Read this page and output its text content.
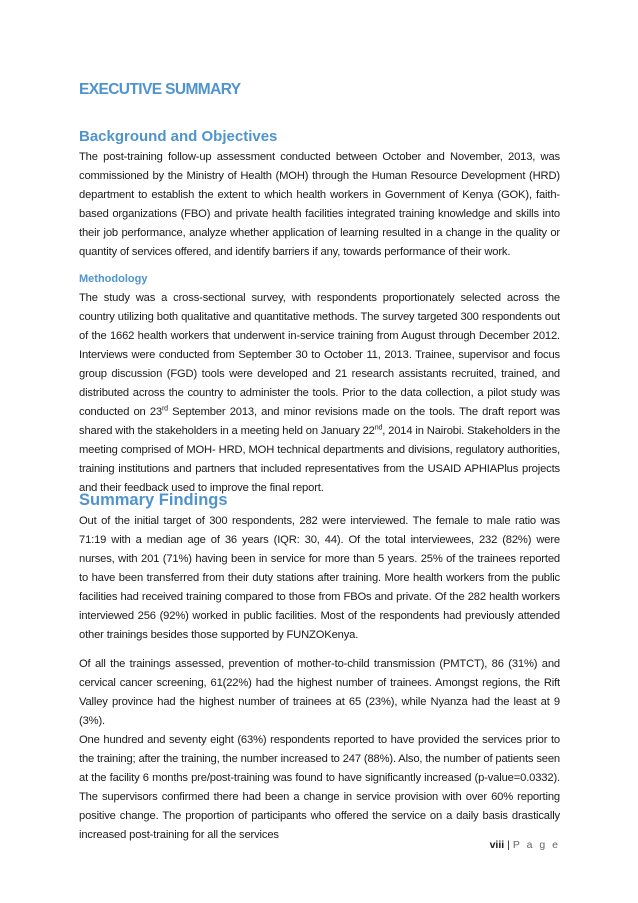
EXECUTIVE SUMMARY
Background and Objectives
The post-training follow-up assessment conducted between October and November, 2013, was commissioned by the Ministry of Health (MOH) through the Human Resource Development (HRD) department to establish the extent to which health workers in Government of Kenya (GOK), faith-based organizations (FBO) and private health facilities integrated training knowledge and skills into their job performance, analyze whether application of learning resulted in a change in the quality or quantity of services offered, and identify barriers if any, towards performance of their work.
Methodology
The study was a cross-sectional survey, with respondents proportionately selected across the country utilizing both qualitative and quantitative methods. The survey targeted 300 respondents out of the 1662 health workers that underwent in-service training from August through December 2012. Interviews were conducted from September 30 to October 11, 2013. Trainee, supervisor and focus group discussion (FGD) tools were developed and 21 research assistants recruited, trained, and distributed across the country to administer the tools. Prior to the data collection, a pilot study was conducted on 23rd September 2013, and minor revisions made on the tools. The draft report was shared with the stakeholders in a meeting held on January 22nd, 2014 in Nairobi. Stakeholders in the meeting comprised of MOH- HRD, MOH technical departments and divisions, regulatory authorities, training institutions and partners that included representatives from the USAID APHIAPlus projects and their feedback used to improve the final report.
Summary Findings
Out of the initial target of 300 respondents, 282 were interviewed. The female to male ratio was 71:19 with a median age of 36 years (IQR: 30, 44). Of the total interviewees, 232 (82%) were nurses, with 201 (71%) having been in service for more than 5 years. 25% of the trainees reported to have been transferred from their duty stations after training. More health workers from the public facilities had received training compared to those from FBOs and private. Of the 282 health workers interviewed 256 (92%) worked in public facilities. Most of the respondents had previously attended other trainings besides those supported by FUNZOKenya.
Of all the trainings assessed, prevention of mother-to-child transmission (PMTCT), 86 (31%) and cervical cancer screening, 61(22%) had the highest number of trainees. Amongst regions, the Rift Valley province had the highest number of trainees at 65 (23%), while Nyanza had the least at 9 (3%).
One hundred and seventy eight (63%) respondents reported to have provided the services prior to the training; after the training, the number increased to 247 (88%). Also, the number of patients seen at the facility 6 months pre/post-training was found to have significantly increased (p-value=0.0332). The supervisors confirmed there had been a change in service provision with over 60% reporting positive change. The proportion of participants who offered the service on a daily basis drastically increased post-training for all the services
viii | P a g e
